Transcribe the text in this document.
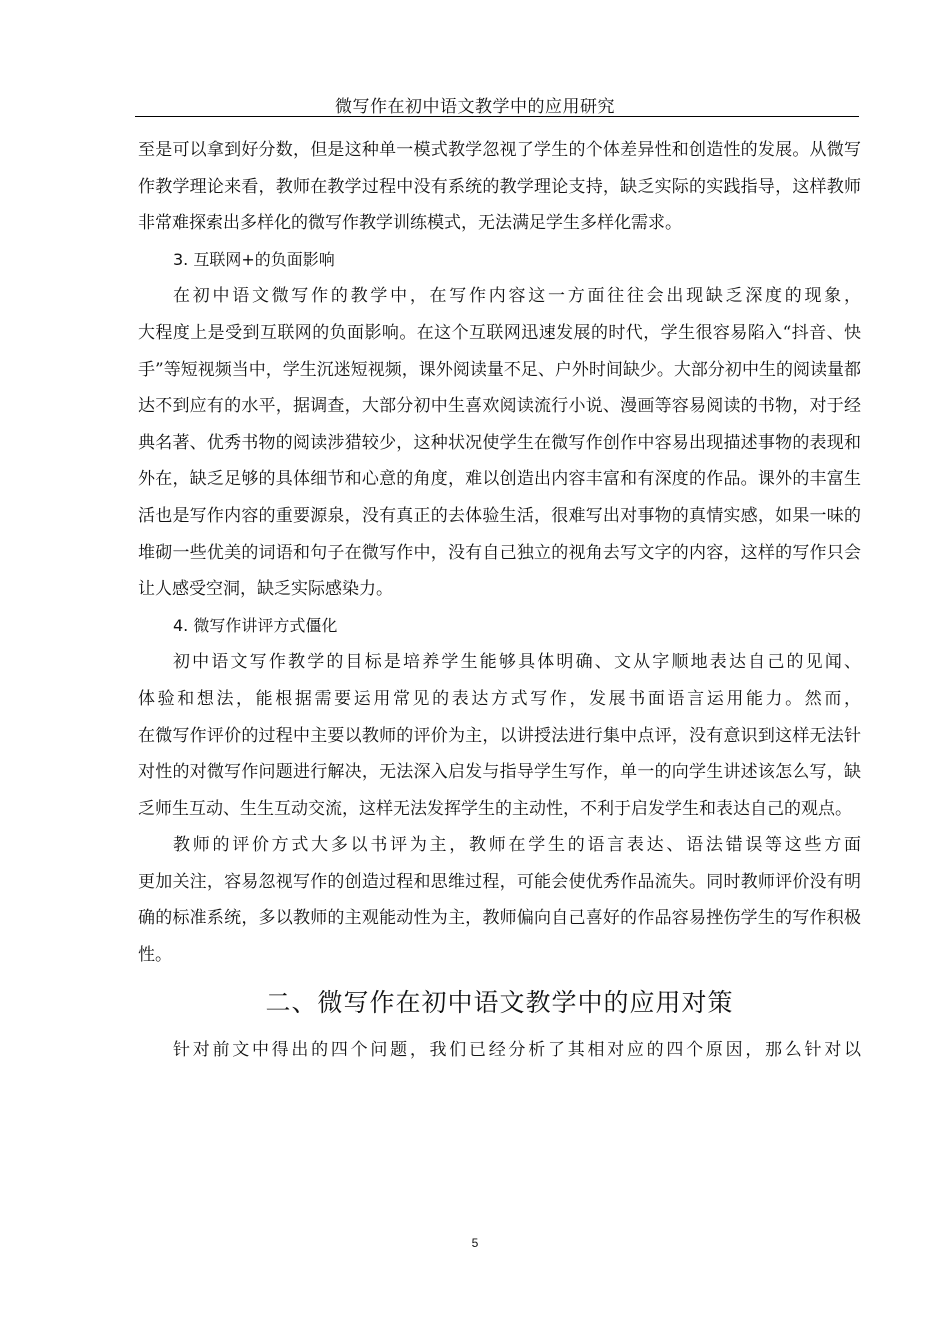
微写作在初中语文教学中的应用研究

至是可以拿到好分数，但是这种单一模式教学忽视了学生的个体差异性和创造性的发展。从微写作教学理论来看，教师在教学过程中没有系统的教学理论支持，缺乏实际的实践指导，这样教师非常难探索出多样化的微写作教学训练模式，无法满足学生多样化需求。

3. 互联网+的负面影响

在初中语文微写作的教学中，在写作内容这一方面往往会出现缺乏深度的现象，

大程度上是受到互联网的负面影响。在这个互联网迅速发展的时代，学生很容易陷入“抖音、快手”等短视频当中，学生沉迷短视频，课外阅读量不足、户外时间缺少。大部分初中生的阅读量都达不到应有的水平，据调查，大部分初中生喜欢阅读流行小说、漫画等容易阅读的书物，对于经典名著、优秀书物的阅读涉猎较少，这种状况使学生在微写作创作中容易出现描述事物的表现和外在，缺乏足够的具体细节和心意的角度，难以创造出内容丰富和有深度的作品。课外的丰富生活也是写作内容的重要源泉，没有真正的去体验生活，很难写出对事物的真情实感，如果一味的堆砌一些优美的词语和句子在微写作中，没有自己独立的视角去写文字的内容，这样的写作只会让人感受空洞，缺乏实际感染力。

4. 微写作讲评方式僵化

初中语文写作教学的目标是培养学生能够具体明确、文从字顺地表达自己的见闻、

体验和想法，能根据需要运用常见的表达方式写作，发展书面语言运用能力。然而，

在微写作评价的过程中主要以教师的评价为主，以讲授法进行集中点评，没有意识到这样无法针对性的对微写作问题进行解决，无法深入启发与指导学生写作，单一的向学生讲述该怎么写，缺乏师生互动、生生互动交流，这样无法发挥学生的主动性，不利于启发学生和表达自己的观点。

教师的评价方式大多以书评为主，教师在学生的语言表达、语法错误等这些方面

更加关注，容易忽视写作的创造过程和思维过程，可能会使优秀作品流失。同时教师评价没有明确的标准系统，多以教师的主观能动性为主，教师偏向自己喜好的作品容易挫伤学生的写作积极性。

二、微写作在初中语文教学中的应用对策

针对前文中得出的四个问题，我们已经分析了其相对应的四个原因，那么针对以

5
